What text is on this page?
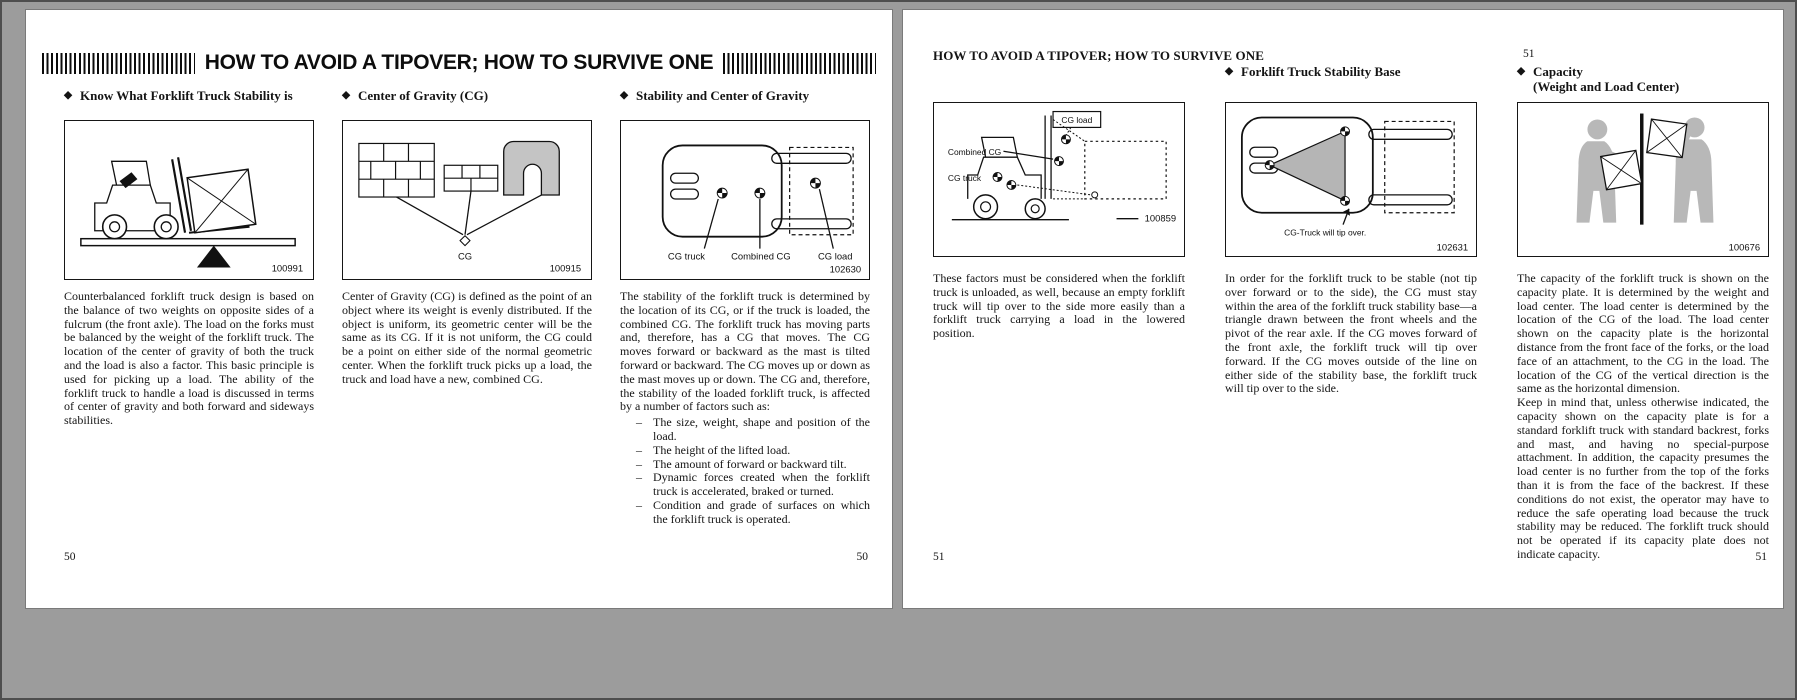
HOW TO AVOID A TIPOVER; HOW TO SURVIVE ONE
◆ Know What Forklift Truck Stability is
100991

Counterbalanced forklift truck design is based on the balance of two weights on opposite sides of a fulcrum (the front axle). The load on the forks must be balanced by the weight of the forklift truck. The location of the center of gravity of both the truck and the load is also a factor. This basic principle is used for picking up a load. The ability of the forklift truck to handle a load is discussed in terms of center of gravity and both forward and sideways stabilities.

◆ Center of Gravity (CG)
CG
100915

Center of Gravity (CG) is defined as the point of an object where its weight is evenly distributed. If the object is uniform, its geometric center will be the same as its CG. If it is not uniform, the CG could be a point on either side of the normal geometric center. When the forklift truck picks up a load, the truck and load have a new, combined CG.

◆ Stability and Center of Gravity
CG truck	Combined CG	CG load
102630

The stability of the forklift truck is determined by the location of its CG, or if the truck is loaded, the combined CG. The forklift truck has moving parts and, therefore, has a CG that moves. The CG moves forward or backward as the mast is tilted forward or backward. The CG moves up or down as the mast moves up or down. The CG and, therefore, the stability of the loaded forklift truck, is affected by a number of factors such as:

– The size, weight, shape and position of the load.
– The height of the lifted load.
– The amount of forward or backward tilt.
– Dynamic forces created when the forklift truck is accelerated, braked or turned.
– Condition and grade of surfaces on which the forklift truck is operated.
50	50
HOW TO AVOID A TIPOVER; HOW TO SURVIVE ONE	51
CG load
Combined CG
CG truck
100859

These factors must be considered when the forklift truck is unloaded, as well, because an empty forklift truck will tip over to the side more easily than a forklift truck carrying a load in the lowered position.

◆ Forklift Truck Stability Base
CG-Truck will tip over.
102631

In order for the forklift truck to be stable (not tip over forward or to the side), the CG must stay within the area of the forklift truck stability base—a triangle drawn between the front wheels and the pivot of the rear axle. If the CG moves forward of the front axle, the forklift truck will tip over forward. If the CG moves outside of the line on either side of the stability base, the forklift truck will tip over to the side.

◆ Capacity
(Weight and Load Center)
100676

The capacity of the forklift truck is shown on the capacity plate. It is determined by the weight and load center. The load center is determined by the location of the CG of the load. The load center shown on the capacity plate is the horizontal distance from the front face of the forks, or the load face of an attachment, to the CG in the load. The location of the CG of the vertical direction is the same as the horizontal dimension.

Keep in mind that, unless otherwise indicated, the capacity shown on the capacity plate is for a standard forklift truck with standard backrest, forks and mast, and having no special-purpose attachment. In addition, the capacity presumes the load center is no further from the top of the forks than it is from the face of the backrest. If these conditions do not exist, the operator may have to reduce the safe operating load because the truck stability may be reduced. The forklift truck should not be operated if its capacity plate does not indicate capacity.

51	51
